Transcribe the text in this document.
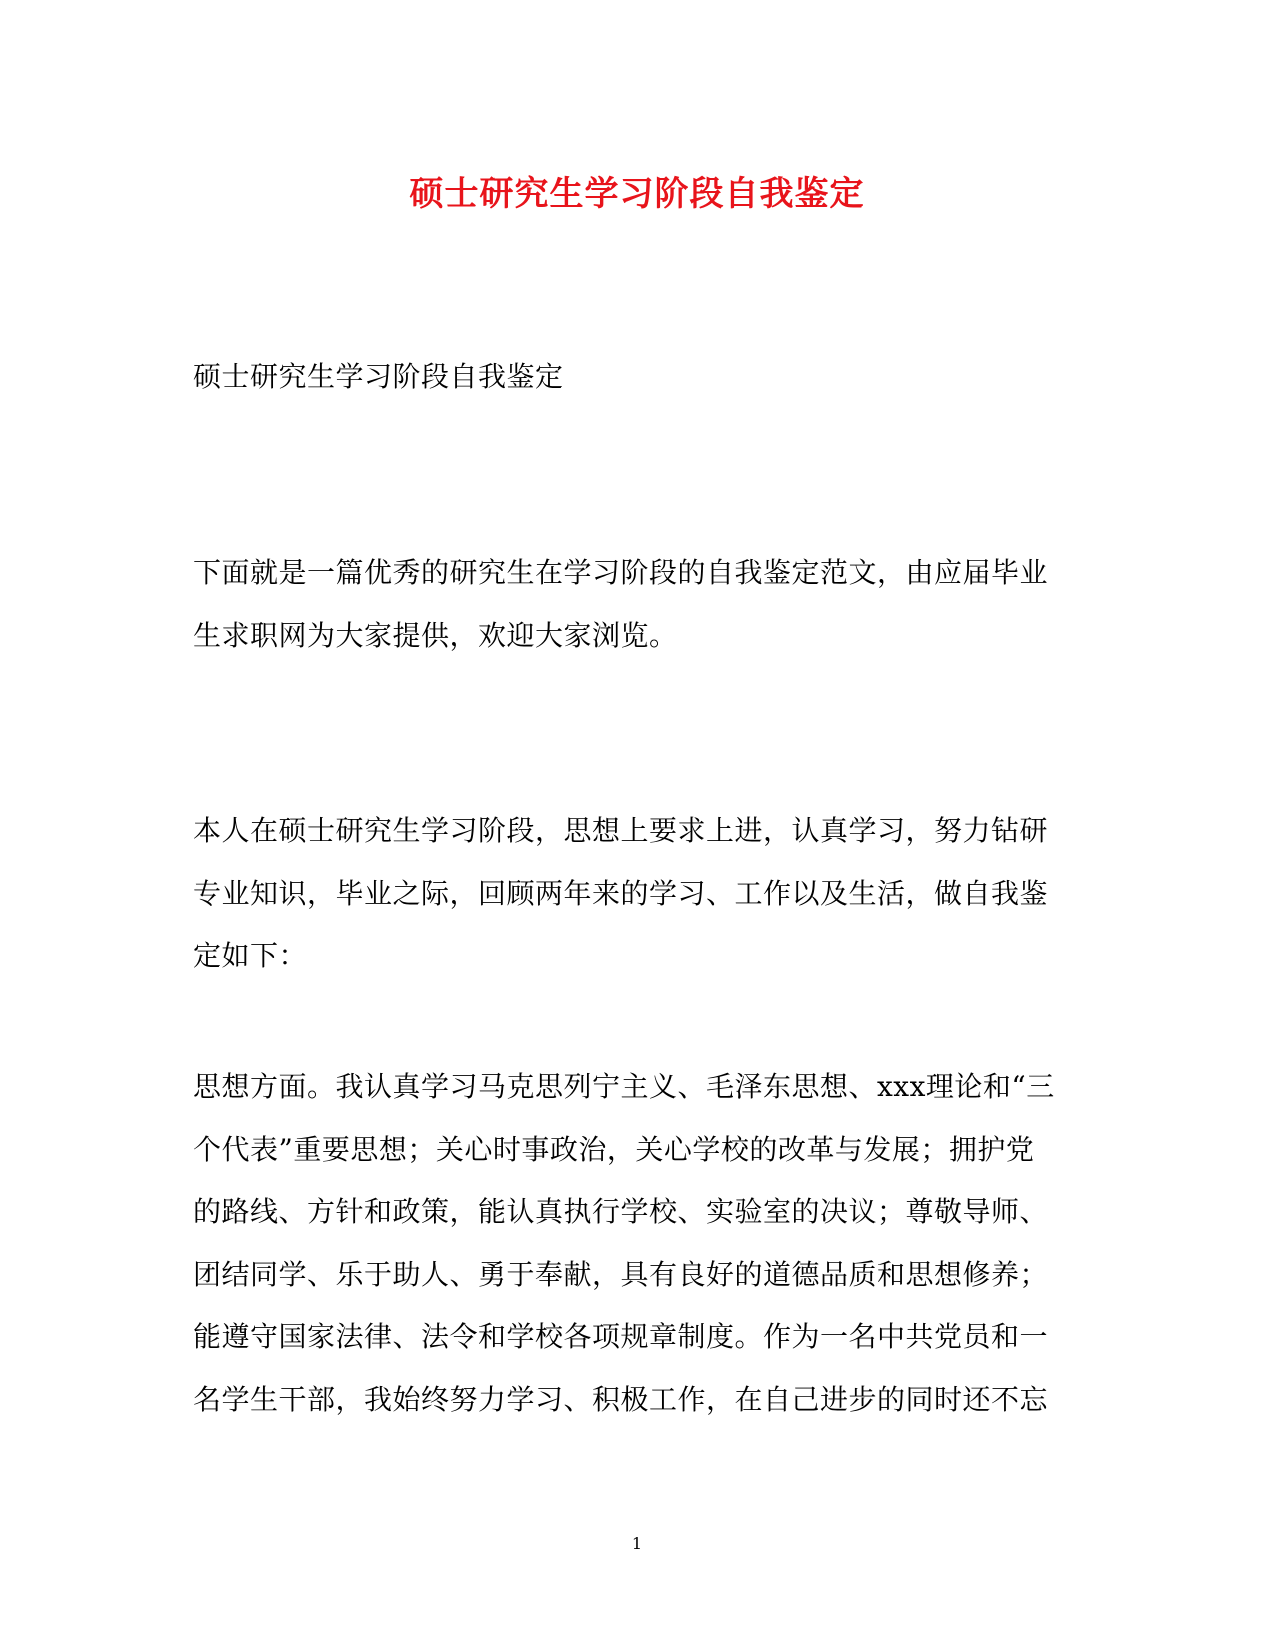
硕士研究生学习阶段自我鉴定
硕士研究生学习阶段自我鉴定
下面就是一篇优秀的研究生在学习阶段的自我鉴定范文，由应届毕业
生求职网为大家提供，欢迎大家浏览。
本人在硕士研究生学习阶段，思想上要求上进，认真学习，努力钻研
专业知识，毕业之际，回顾两年来的学习、工作以及生活，做自我鉴
定如下：
思想方面。我认真学习马克思列宁主义、毛泽东思想、xxx理论和“三
个代表”重要思想；关心时事政治，关心学校的改革与发展；拥护党
的路线、方针和政策，能认真执行学校、实验室的决议；尊敬导师、
团结同学、乐于助人、勇于奉献，具有良好的道德品质和思想修养；
能遵守国家法律、法令和学校各项规章制度。作为一名中共党员和一
名学生干部，我始终努力学习、积极工作，在自己进步的同时还不忘
1
